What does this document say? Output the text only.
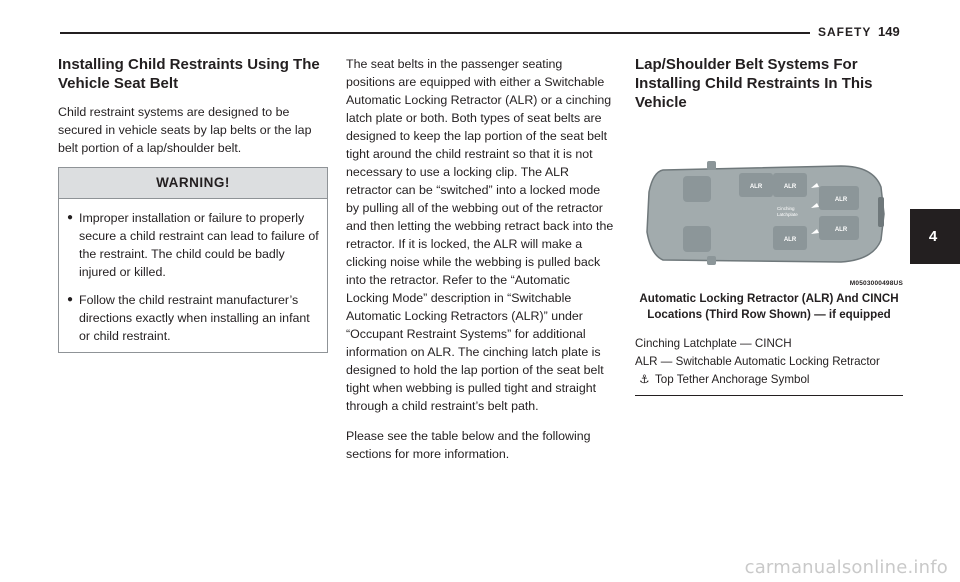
SAFETY 149
4
Installing Child Restraints Using The Vehicle Seat Belt

Child restraint systems are designed to be secured in vehicle seats by lap belts or the lap belt portion of a lap/shoulder belt.

WARNING!
● Improper installation or failure to properly secure a child restraint can lead to failure of the restraint. The child could be badly injured or killed.
● Follow the child restraint manufacturer’s directions exactly when installing an infant or child restraint.

The seat belts in the passenger seating positions are equipped with either a Switchable Automatic Locking Retractor (ALR) or a cinching latch plate or both. Both types of seat belts are designed to keep the lap portion of the seat belt tight around the child restraint so that it is not necessary to use a locking clip. The ALR retractor can be “switched” into a locked mode by pulling all of the webbing out of the retractor and then letting the webbing retract back into the retractor. If it is locked, the ALR will make a clicking noise while the webbing is pulled back into the retractor. Refer to the “Automatic Locking Mode” description in “Switchable Automatic Locking Retractors (ALR)” under “Occupant Restraint Systems” for additional information on ALR. The cinching latch plate is designed to hold the lap portion of the seat belt tight when webbing is pulled tight and straight through a child restraint’s belt path.

Please see the table below and the following sections for more information.

Lap/Shoulder Belt Systems For Installing Child Restraints In This Vehicle
ALR	ALR
ALR
ALR
ALR
Cinching
Latchplate
M0503000498US
Automatic Locking Retractor (ALR) And CINCH Locations (Third Row Shown) — if equipped
Cinching Latchplate — CINCH
ALR — Switchable Automatic Locking Retractor
⚓ Top Tether Anchorage Symbol
carmanualsonline.info
